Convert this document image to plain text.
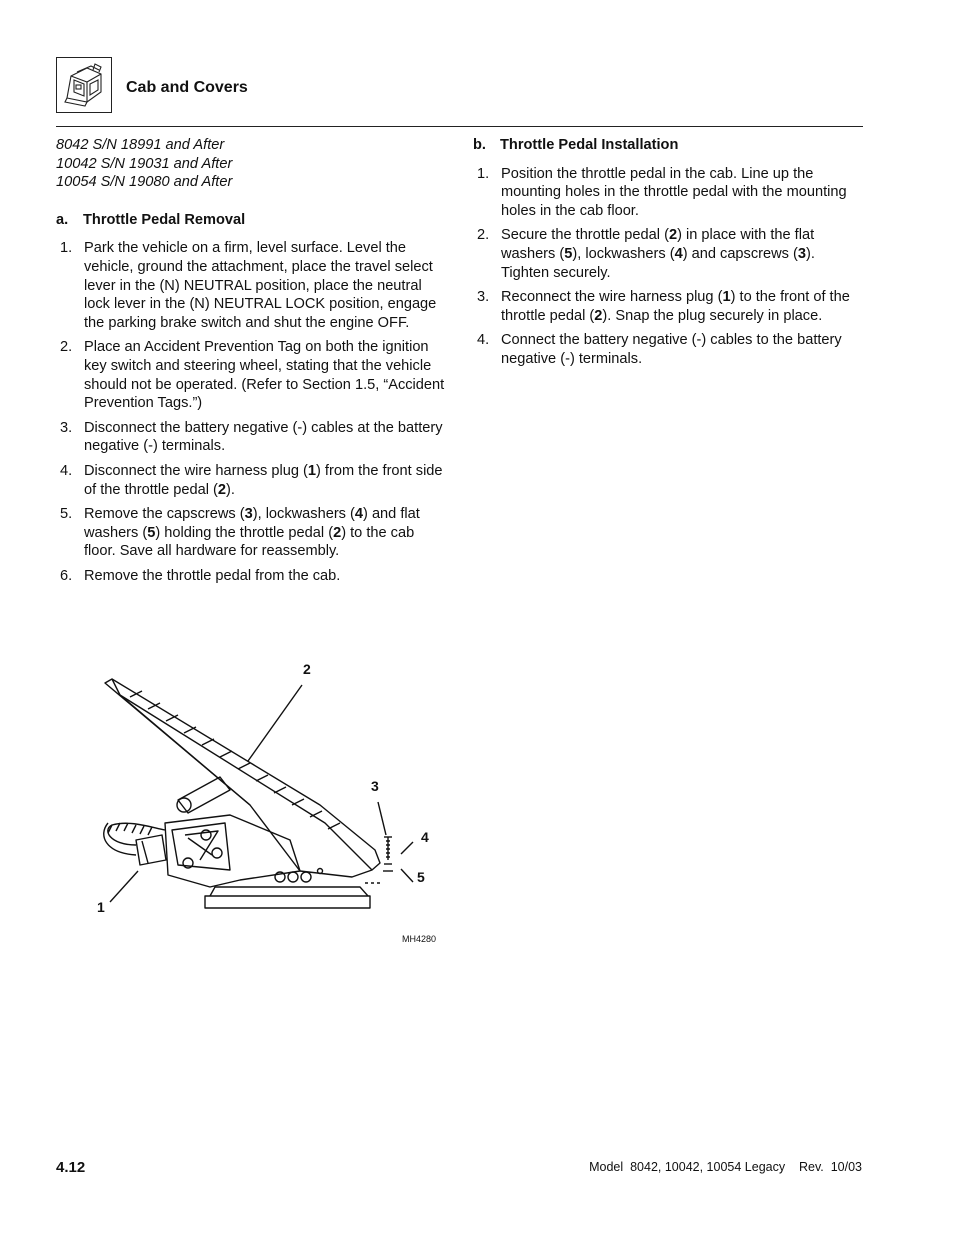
Cab and Covers
8042 S/N 18991 and After
10042 S/N 19031 and After
10054 S/N 19080 and After
a. Throttle Pedal Removal
1. Park the vehicle on a firm, level surface. Level the vehicle, ground the attachment, place the travel select lever in the (N) NEUTRAL position, place the neutral lock lever in the (N) NEUTRAL LOCK position, engage the parking brake switch and shut the engine OFF.
2. Place an Accident Prevention Tag on both the ignition key switch and steering wheel, stating that the vehicle should not be operated. (Refer to Section 1.5, “Accident Prevention Tags.”)
3. Disconnect the battery negative (-) cables at the battery negative (-) terminals.
4. Disconnect the wire harness plug (1) from the front side of the throttle pedal (2).
5. Remove the capscrews (3), lockwashers (4) and flat washers (5) holding the throttle pedal (2) to the cab floor. Save all hardware for reassembly.
6. Remove the throttle pedal from the cab.
b. Throttle Pedal Installation
1. Position the throttle pedal in the cab. Line up the mounting holes in the throttle pedal with the mounting holes in the cab floor.
2. Secure the throttle pedal (2) in place with the flat washers (5), lockwashers (4) and capscrews (3). Tighten securely.
3. Reconnect the wire harness plug (1) to the front of the throttle pedal (2). Snap the plug securely in place.
4. Connect the battery negative (-) cables to the battery negative (-) terminals.
1
2
3
4
5
MH4280
4.12	Model  8042, 10042, 10054 Legacy    Rev.  10/03
